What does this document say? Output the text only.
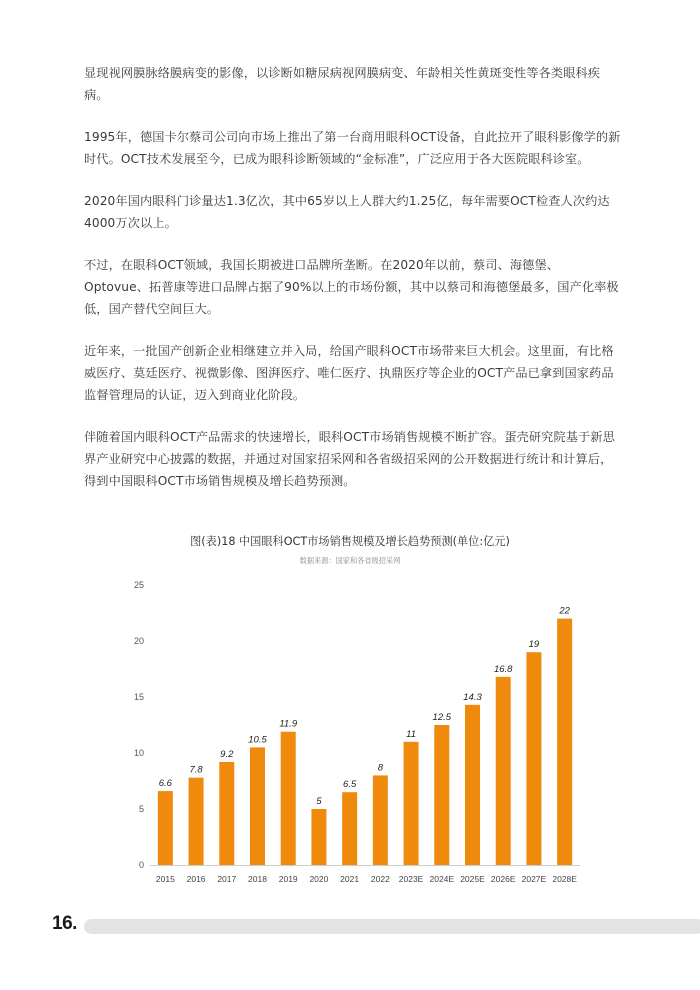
显现视网膜脉络膜病变的影像，以诊断如糖尿病视网膜病变、年龄相关性黄斑变性等各类眼科疾病。

1995年，德国卡尔蔡司公司向市场上推出了第一台商用眼科OCT设备，自此拉开了眼科影像学的新时代。OCT技术发展至今，已成为眼科诊断领域的“金标准”，广泛应用于各大医院眼科诊室。

2020年国内眼科门诊量达1.3亿次，其中65岁以上人群大约1.25亿，每年需要OCT检查人次约达4000万次以上。

不过，在眼科OCT领域，我国长期被进口品牌所垄断。在2020年以前，蔡司、海德堡、Optovue、拓普康等进口品牌占据了90%以上的市场份额，其中以蔡司和海德堡最多，国产化率极低，国产替代空间巨大。

近年来，一批国产创新企业相继建立并入局，给国产眼科OCT市场带来巨大机会。这里面，有比格威医疗、莫廷医疗、视微影像、图湃医疗、唯仁医疗、执鼎医疗等企业的OCT产品已拿到国家药品监督管理局的认证，迈入到商业化阶段。

伴随着国内眼科OCT产品需求的快速增长，眼科OCT市场销售规模不断扩容。蛋壳研究院基于新思界产业研究中心披露的数据，并通过对国家招采网和各省级招采网的公开数据进行统计和计算后，得到中国眼科OCT市场销售规模及增长趋势预测。

图(表)18 中国眼科OCT市场销售规模及增长趋势预测(单位:亿元)
数据来源：国家和各省级招采网
0
5
10
15
20
25
6.6
2015
7.8
2016
9.2
2017
10.5
2018
11.9
2019
5
2020
6.5
2021
8
2022
11
2023E
12.5
2024E
14.3
2025E
16.8
2026E
19
2027E
22
2028E
16.
